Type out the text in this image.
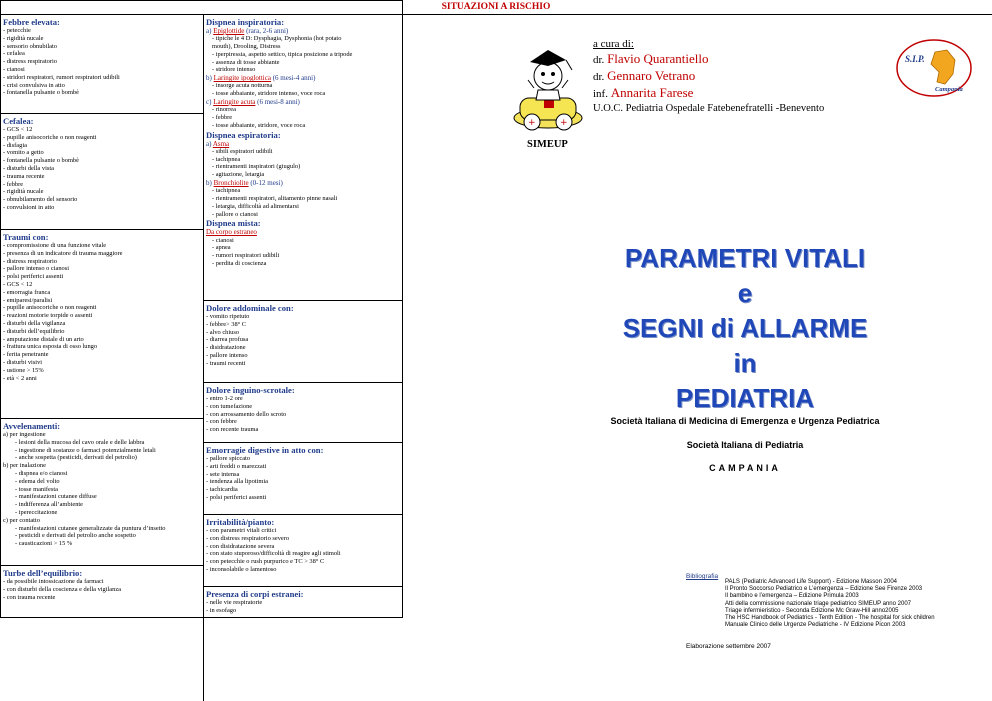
SITUAZIONI A RISCHIO
Febbre elevata:
- petecchie
- rigidità nucale
- sensorio obnubilato
- cefalea
- distress respiratorio
- cianosi
- stridori respiratori, rumori respiratori udibili
- crisi convulsiva in atto
- fontanella pulsante o bombè
Cefalea:
- GCS < 12
- pupille anisocoriche o non reagenti
- disfagia
- vomito a getto
- fontanella pulsante o bombè
- disturbi della vista
- trauma recente
- febbre
- rigidità nucale
- obnubilamento del sensorio
- convulsioni in atto
Traumi con:
- compromissione di una funzione vitale
- presenza di un indicatore di trauma maggiore
- distress respiratorio
- pallore intenso o cianosi
- polsi periferici assenti
- GCS < 12
- emorragia franca
- emiparesi/paralisi
- pupille anisocoriche o non reagenti
- reazioni motorie torpide o assenti
- disturbi della vigilanza
- disturbi dell’equilibrio
- amputazione distale di un arto
- frattura unica esposta di osso lungo
- ferita penetrante
- disturbi visivi
- ustione > 15%
- età < 2 anni
Avvelenamenti:
a) per ingestione
- lesioni della mucosa del cavo orale e delle labbra
- ingestione di sostanze o farmaci potenzialmente letali
- anche sospetta (pesticidi, derivati del petrolio)
b) per inalazione
- dispnea e/o cianosi
- edema del volto
- tosse manifesta
- manifestazioni cutanee diffuse
- indifferenza all’ambiente
- ipereccitazione
c) per contatto
- manifestazioni cutanee generalizzate da puntura d’insetto
- pesticidi e derivati del petrolio anche sospetto
- causticazioni > 15 %
Turbe dell’equilibrio:
- da possibile intossicazione da farmaci
- con disturbi della coscienza e della vigilanza
- con trauma recente
Dispnea inspiratoria:
a) Epiglottide (rara, 2-6 anni)
- tipiche le 4 D: Dysphagia, Dysphonia (hot potato
mouth), Drooling, Distress
- iperpiressia, aspetto settico, tipica posizione a tripode
- assenza di tosse abbiante
- stridore intenso
b) Laringite ipoglottica (6 mesi-4 anni)
- insorge acuta notturna
- tosse abbaiante, stridore intenso, voce roca
c) Laringite acuta (6 mesi-8 anni)
- rinorrea
- febbre
- tosse abbaiante, stridore, voce roca
Dispnea espiratoria:
a) Asma
- sibili espiratori udibili
- tachipnea
- rientramenti inspiratori (giugulo)
- agitazione, letargia
b) Bronchiolite (0-12 mesi)
- tachipnea
- rientramenti respiratori, alitamento pinne nasali
- letargia, difficoltà ad alimentarsi
- pallore o cianosi
Dispnea mista:
Da corpo estraneo
- cianosi
- apnea
- rumori respiratori udibili
- perdita di coscienza
Dolore addominale con:
- vomito ripetuto
- febbre> 38° C
- alvo chiuso
- diarrea profusa
- disidratazione
- pallore intenso
- traumi recenti
Dolore inguino-scrotale:
- entro 1-2 ore
- con tumefazione
- con arrossamento dello scroto
- con febbre
- con recente trauma
Emorragie digestive in atto con:
- pallore spiccato
- arti freddi o marezzati
- sete intensa
- tendenza alla lipotimia
- tachicardia
- polsi periferici assenti
Irritabilità/pianto:
- con parametri vitali critici
- con distress respiratorio severo
- con disidratazione severa
- con stato stuporoso/difficoltà di reagire agli stimoli
- con petecchie o rush purpurico e TC > 38° C
- inconsolabile o lamentoso
Presenza di corpi estranei:
- nelle vie respiratorie
- in esofago
+	+
a cura di:
dr. Flavio Quarantiello
dr. Gennaro Vetrano
inf. Annarita Farese
U.O.C. Pediatria Ospedale Fatebenefratelli -Benevento
SIMEUP
S.I.P.
Campania
PARAMETRI VITALI
e
SEGNI di ALLARME
in
PEDIATRIA
Società Italiana di Medicina di Emergenza e Urgenza Pediatrica
Società Italiana di Pediatria
CAMPANIA
Bibliografia
PALS (Pediatric Advanced Life Support) - Edizione Masson 2004
Il Pronto Soccorso Pediatrico e L’emergenza – Edizione See Firenze 2003
Il bambino e l’emergenza – Edizione Primula 2003
Atti della commissione nazionale triage pediatrico SIMEUP anno 2007
Triage infermieristico - Seconda Edizione Mc Graw-Hill anno2005
The HSC Handbook of Pediatrics - Tenth Edition - The hospital for sick children
Manuale Clinico delle Urgenze Pediatriche - IV Edizione Picon 2003
Elaborazione settembre 2007
